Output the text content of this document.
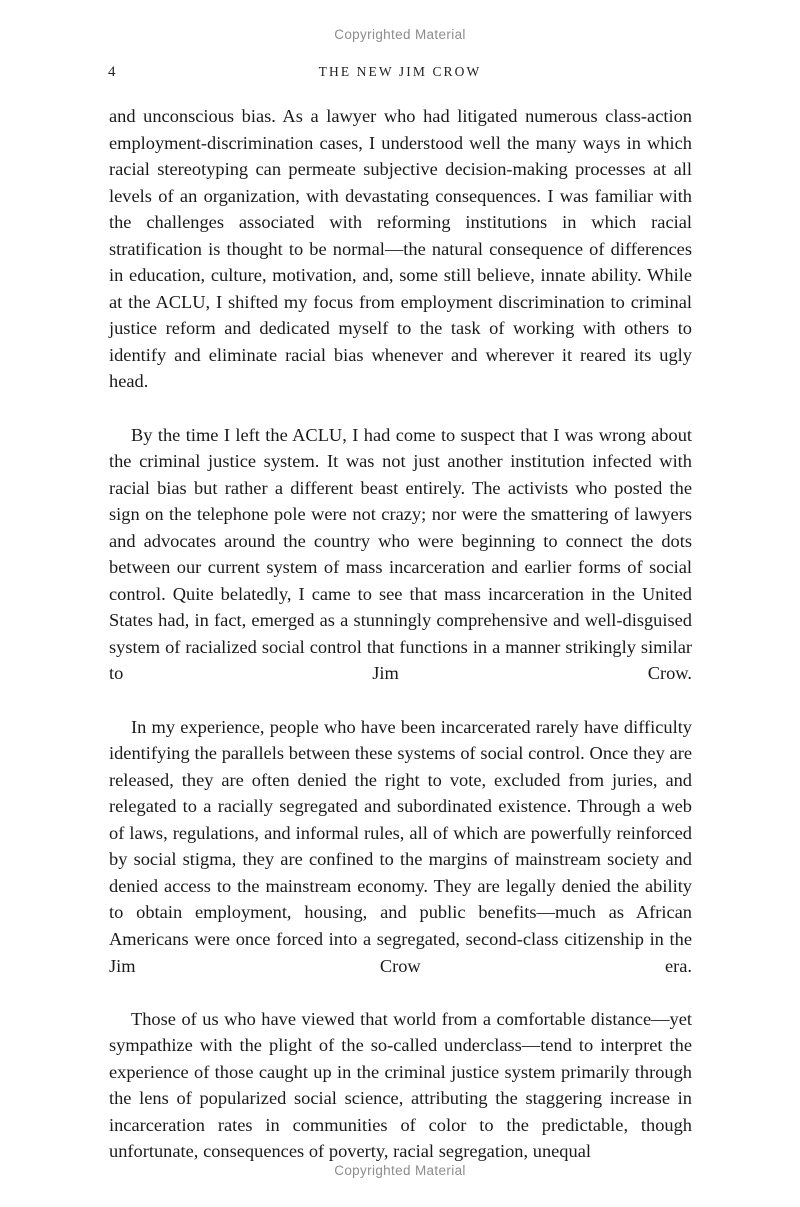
Copyrighted Material
4	THE NEW JIM CROW

and unconscious bias. As a lawyer who had litigated numerous class-action employment-discrimination cases, I understood well the many ways in which racial stereotyping can permeate subjective decision-making processes at all levels of an organization, with devastating consequences. I was familiar with the challenges associated with reforming institutions in which racial stratification is thought to be normal—the natural consequence of differences in education, culture, motivation, and, some still believe, innate ability. While at the ACLU, I shifted my focus from employment discrimination to criminal justice reform and dedicated myself to the task of working with others to identify and eliminate racial bias whenever and wherever it reared its ugly head.

By the time I left the ACLU, I had come to suspect that I was wrong about the criminal justice system. It was not just another institution infected with racial bias but rather a different beast entirely. The activists who posted the sign on the telephone pole were not crazy; nor were the smattering of lawyers and advocates around the country who were beginning to connect the dots between our current system of mass incarceration and earlier forms of social control. Quite belatedly, I came to see that mass incarceration in the United States had, in fact, emerged as a stunningly comprehensive and well-disguised system of racialized social control that functions in a manner strikingly similar to Jim Crow.

In my experience, people who have been incarcerated rarely have difficulty identifying the parallels between these systems of social control. Once they are released, they are often denied the right to vote, excluded from juries, and relegated to a racially segregated and subordinated existence. Through a web of laws, regulations, and informal rules, all of which are powerfully reinforced by social stigma, they are confined to the margins of mainstream society and denied access to the mainstream economy. They are legally denied the ability to obtain employment, housing, and public benefits—much as African Americans were once forced into a segregated, second-class citizenship in the Jim Crow era.

Those of us who have viewed that world from a comfortable distance—yet sympathize with the plight of the so-called underclass—tend to interpret the experience of those caught up in the criminal justice system primarily through the lens of popularized social science, attributing the staggering increase in incarceration rates in communities of color to the predictable, though unfortunate, consequences of poverty, racial segregation, unequal

Copyrighted Material
